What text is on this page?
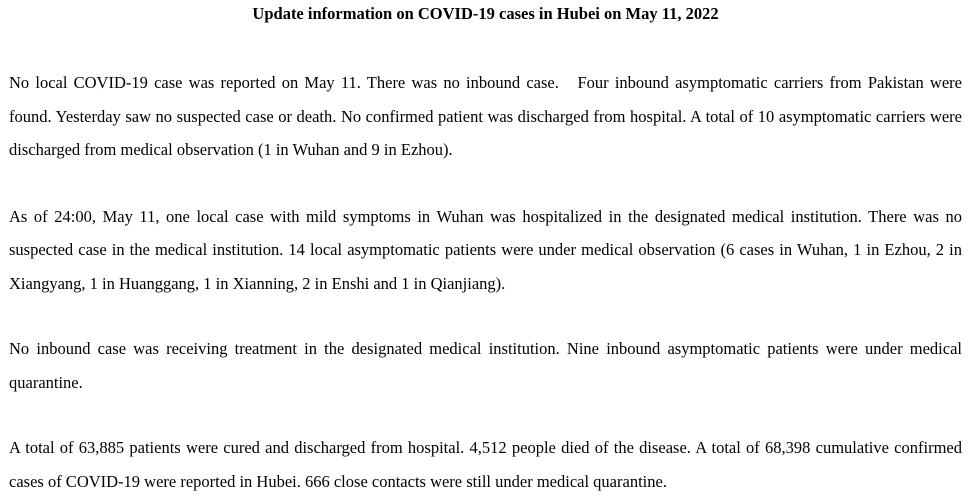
Update information on COVID-19 cases in Hubei on May 11, 2022

No local COVID-19 case was reported on May 11. There was no inbound case.   Four inbound asymptomatic carriers from Pakistan were found. Yesterday saw no suspected case or death. No confirmed patient was discharged from hospital. A total of 10 asymptomatic carriers were discharged from medical observation (1 in Wuhan and 9 in Ezhou).

As of 24:00, May 11, one local case with mild symptoms in Wuhan was hospitalized in the designated medical institution. There was no suspected case in the medical institution. 14 local asymptomatic patients were under medical observation (6 cases in Wuhan, 1 in Ezhou, 2 in Xiangyang, 1 in Huanggang, 1 in Xianning, 2 in Enshi and 1 in Qianjiang).

No inbound case was receiving treatment in the designated medical institution. Nine inbound asymptomatic patients were under medical quarantine.

A total of 63,885 patients were cured and discharged from hospital. 4,512 people died of the disease. A total of 68,398 cumulative confirmed cases of COVID-19 were reported in Hubei. 666 close contacts were still under medical quarantine.
